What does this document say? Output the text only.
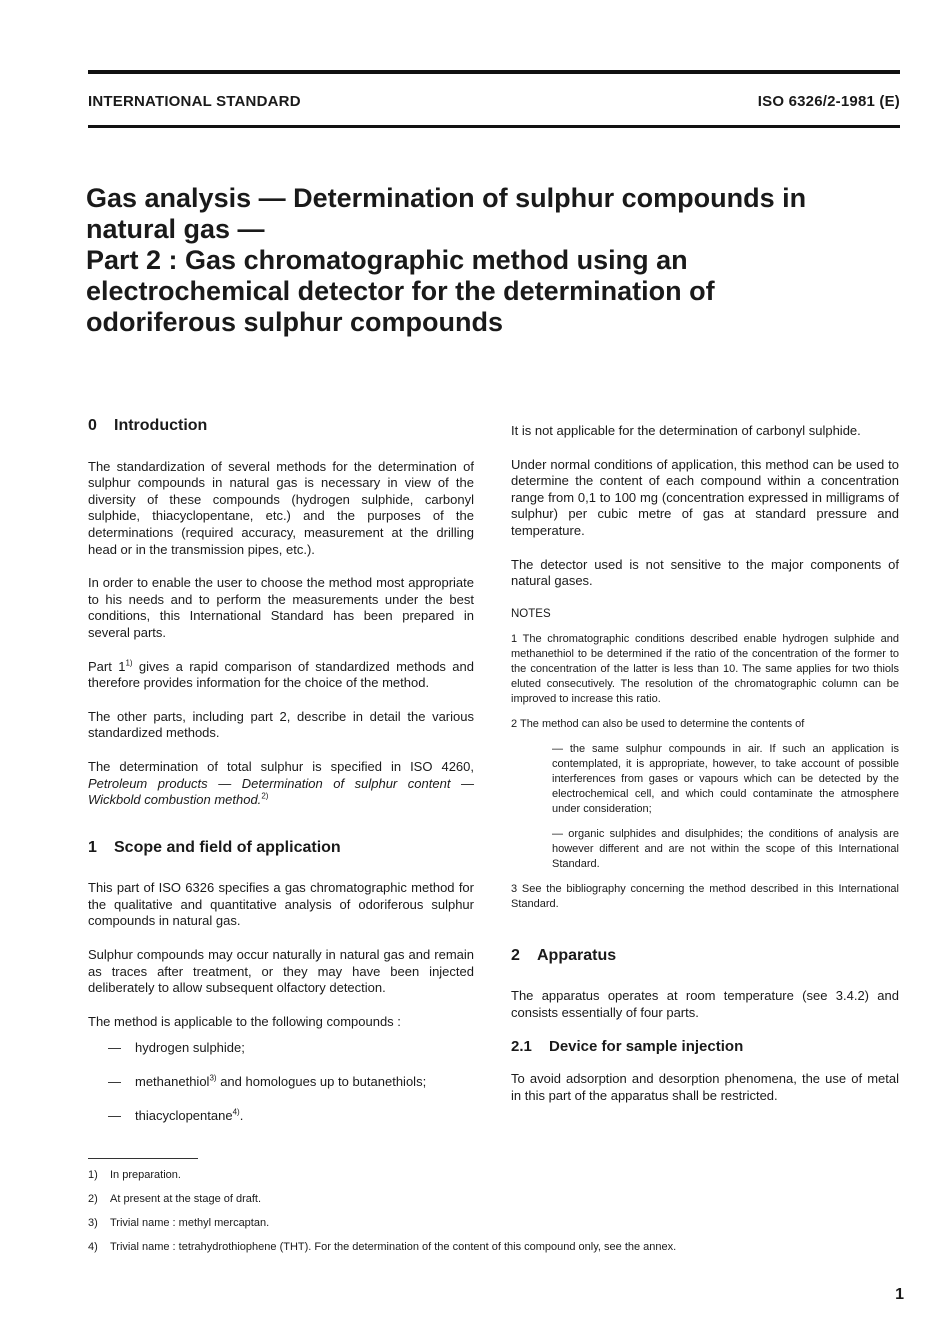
INTERNATIONAL STANDARD	ISO 6326/2-1981 (E)
Gas analysis — Determination of sulphur compounds in
natural gas —
Part 2 : Gas chromatographic method using an
electrochemical detector for the determination of
odoriferous sulphur compounds
0 Introduction

The standardization of several methods for the determination of sulphur compounds in natural gas is necessary in view of the diversity of these compounds (hydrogen sulphide, carbonyl sulphide, thiacyclopentane, etc.) and the purposes of the determinations (required accuracy, measurement at the drilling head or in the transmission pipes, etc.).

In order to enable the user to choose the method most appropriate to his needs and to perform the measurements under the best conditions, this International Standard has been prepared in several parts.

Part 1$^{1)}$ gives a rapid comparison of standardized methods and therefore provides information for the choice of the method.

The other parts, including part 2, describe in detail the various standardized methods.

The determination of total sulphur is specified in ISO 4260, Petroleum products — Determination of sulphur content — Wickbold combustion method.$^{2)}$

1 Scope and field of application

This part of ISO 6326 specifies a gas chromatographic method for the qualitative and quantitative analysis of odoriferous sulphur compounds in natural gas.

Sulphur compounds may occur naturally in natural gas and remain as traces after treatment, or they may have been injected deliberately to allow subsequent olfactory detection.

The method is applicable to the following compounds :

— hydrogen sulphide;
— methanethiol$^{3)}$ and homologues up to butanethiols;
— thiacyclopentane$^{4)}$.

It is not applicable for the determination of carbonyl sulphide.

Under normal conditions of application, this method can be used to determine the content of each compound within a concentration range from 0,1 to 100 mg (concentration expressed in milligrams of sulphur) per cubic metre of gas at standard pressure and temperature.

The detector used is not sensitive to the major components of natural gases.

NOTES

1 The chromatographic conditions described enable hydrogen sulphide and methanethiol to be determined if the ratio of the concentration of the former to the concentration of the latter is less than 10. The same applies for two thiols eluted consecutively. The resolution of the chromatographic column can be improved to increase this ratio.

2 The method can also be used to determine the contents of

— the same sulphur compounds in air. If such an application is contemplated, it is appropriate, however, to take account of possible interferences from gases or vapours which can be detected by the electrochemical cell, and which could contaminate the atmosphere under consideration;
— organic sulphides and disulphides; the conditions of analysis are however different and are not within the scope of this International Standard.

3 See the bibliography concerning the method described in this International Standard.

2 Apparatus

The apparatus operates at room temperature (see 3.4.2) and consists essentially of four parts.

2.1 Device for sample injection

To avoid adsorption and desorption phenomena, the use of metal in this part of the apparatus shall be restricted.

1) In preparation.
2) At present at the stage of draft.
3) Trivial name : methyl mercaptan.
4) Trivial name : tetrahydrothiophene (THT). For the determination of the content of this compound only, see the annex.
1
